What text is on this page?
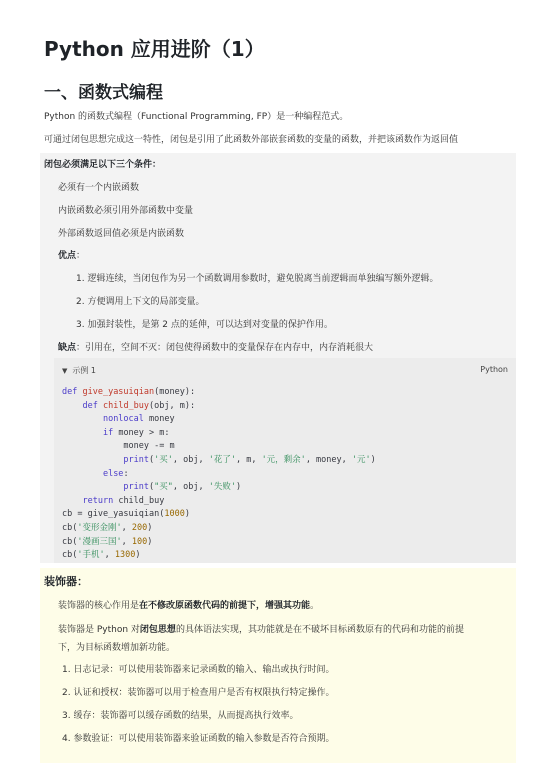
Python 应用进阶（1）
一、函数式编程

Python 的函数式编程（Functional Programming, FP）是一种编程范式。

可通过闭包思想完成这一特性，闭包是引用了此函数外部嵌套函数的变量的函数，并把该函数作为返回值

闭包必须满足以下三个条件：
必须有一个内嵌函数
内嵌函数必须引用外部函数中变量
外部函数返回值必须是内嵌函数
优点：
1. 逻辑连续，当闭包作为另一个函数调用参数时，避免脱离当前逻辑而单独编写额外逻辑。
2. 方便调用上下文的局部变量。
3. 加强封装性，是第 2 点的延伸，可以达到对变量的保护作用。
缺点：引用在，空间不灭：闭包使得函数中的变量保存在内存中，内存消耗很大
▼ 示例 1	Python
def give_yasuiqian(money):
def child_buy(obj, m):
nonlocal money
if money > m:
money -= m
print('买', obj, '花了', m, '元，剩余', money, '元')
else:
print("买", obj, '失败')
return child_buy
cb = give_yasuiqian(1000)
cb('变形金刚', 200)
cb('漫画三国', 100)
cb('手机', 1300)
装饰器：
装饰器的核心作用是在不修改原函数代码的前提下，增强其功能。
装饰器是 Python 对闭包思想的具体语法实现，其功能就是在不破坏目标函数原有的代码和功能的前提
下，为目标函数增加新功能。
1. 日志记录：可以使用装饰器来记录函数的输入、输出或执行时间。
2. 认证和授权：装饰器可以用于检查用户是否有权限执行特定操作。
3. 缓存：装饰器可以缓存函数的结果，从而提高执行效率。
4. 参数验证：可以使用装饰器来验证函数的输入参数是否符合预期。
